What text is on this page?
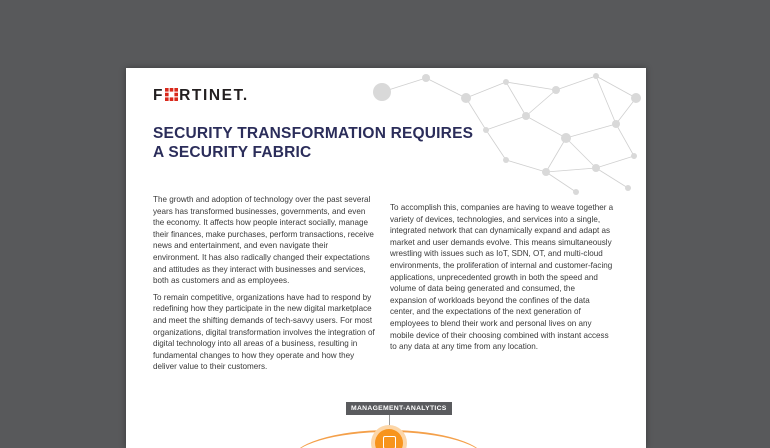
F RTINET.
SECURITY TRANSFORMATION REQUIRES
A SECURITY FABRIC

The growth and adoption of technology over the past several years has transformed businesses, governments, and even the economy. It affects how people interact socially, manage their finances, make purchases, perform transactions, receive news and entertainment, and even navigate their environment. It has also radically changed their expectations and attitudes as they interact with businesses and services, both as customers and as employees.

To remain competitive, organizations have had to respond by redefining how they participate in the new digital marketplace and meet the shifting demands of tech-savvy users. For most organizations, digital transformation involves the integration of digital technology into all areas of a business, resulting in fundamental changes to how they operate and how they deliver value to their customers.

To accomplish this, companies are having to weave together a variety of devices, technologies, and services into a single, integrated network that can dynamically expand and adapt as market and user demands evolve. This means simultaneously wrestling with issues such as IoT, SDN, OT, and multi-cloud environments, the proliferation of internal and customer-facing applications, unprecedented growth in both the speed and volume of data being generated and consumed, the expansion of workloads beyond the confines of the data center, and the expectations of the next generation of employees to blend their work and personal lives on any mobile device of their choosing combined with instant access to any data at any time from any location.

MANAGEMENT-ANALYTICS
